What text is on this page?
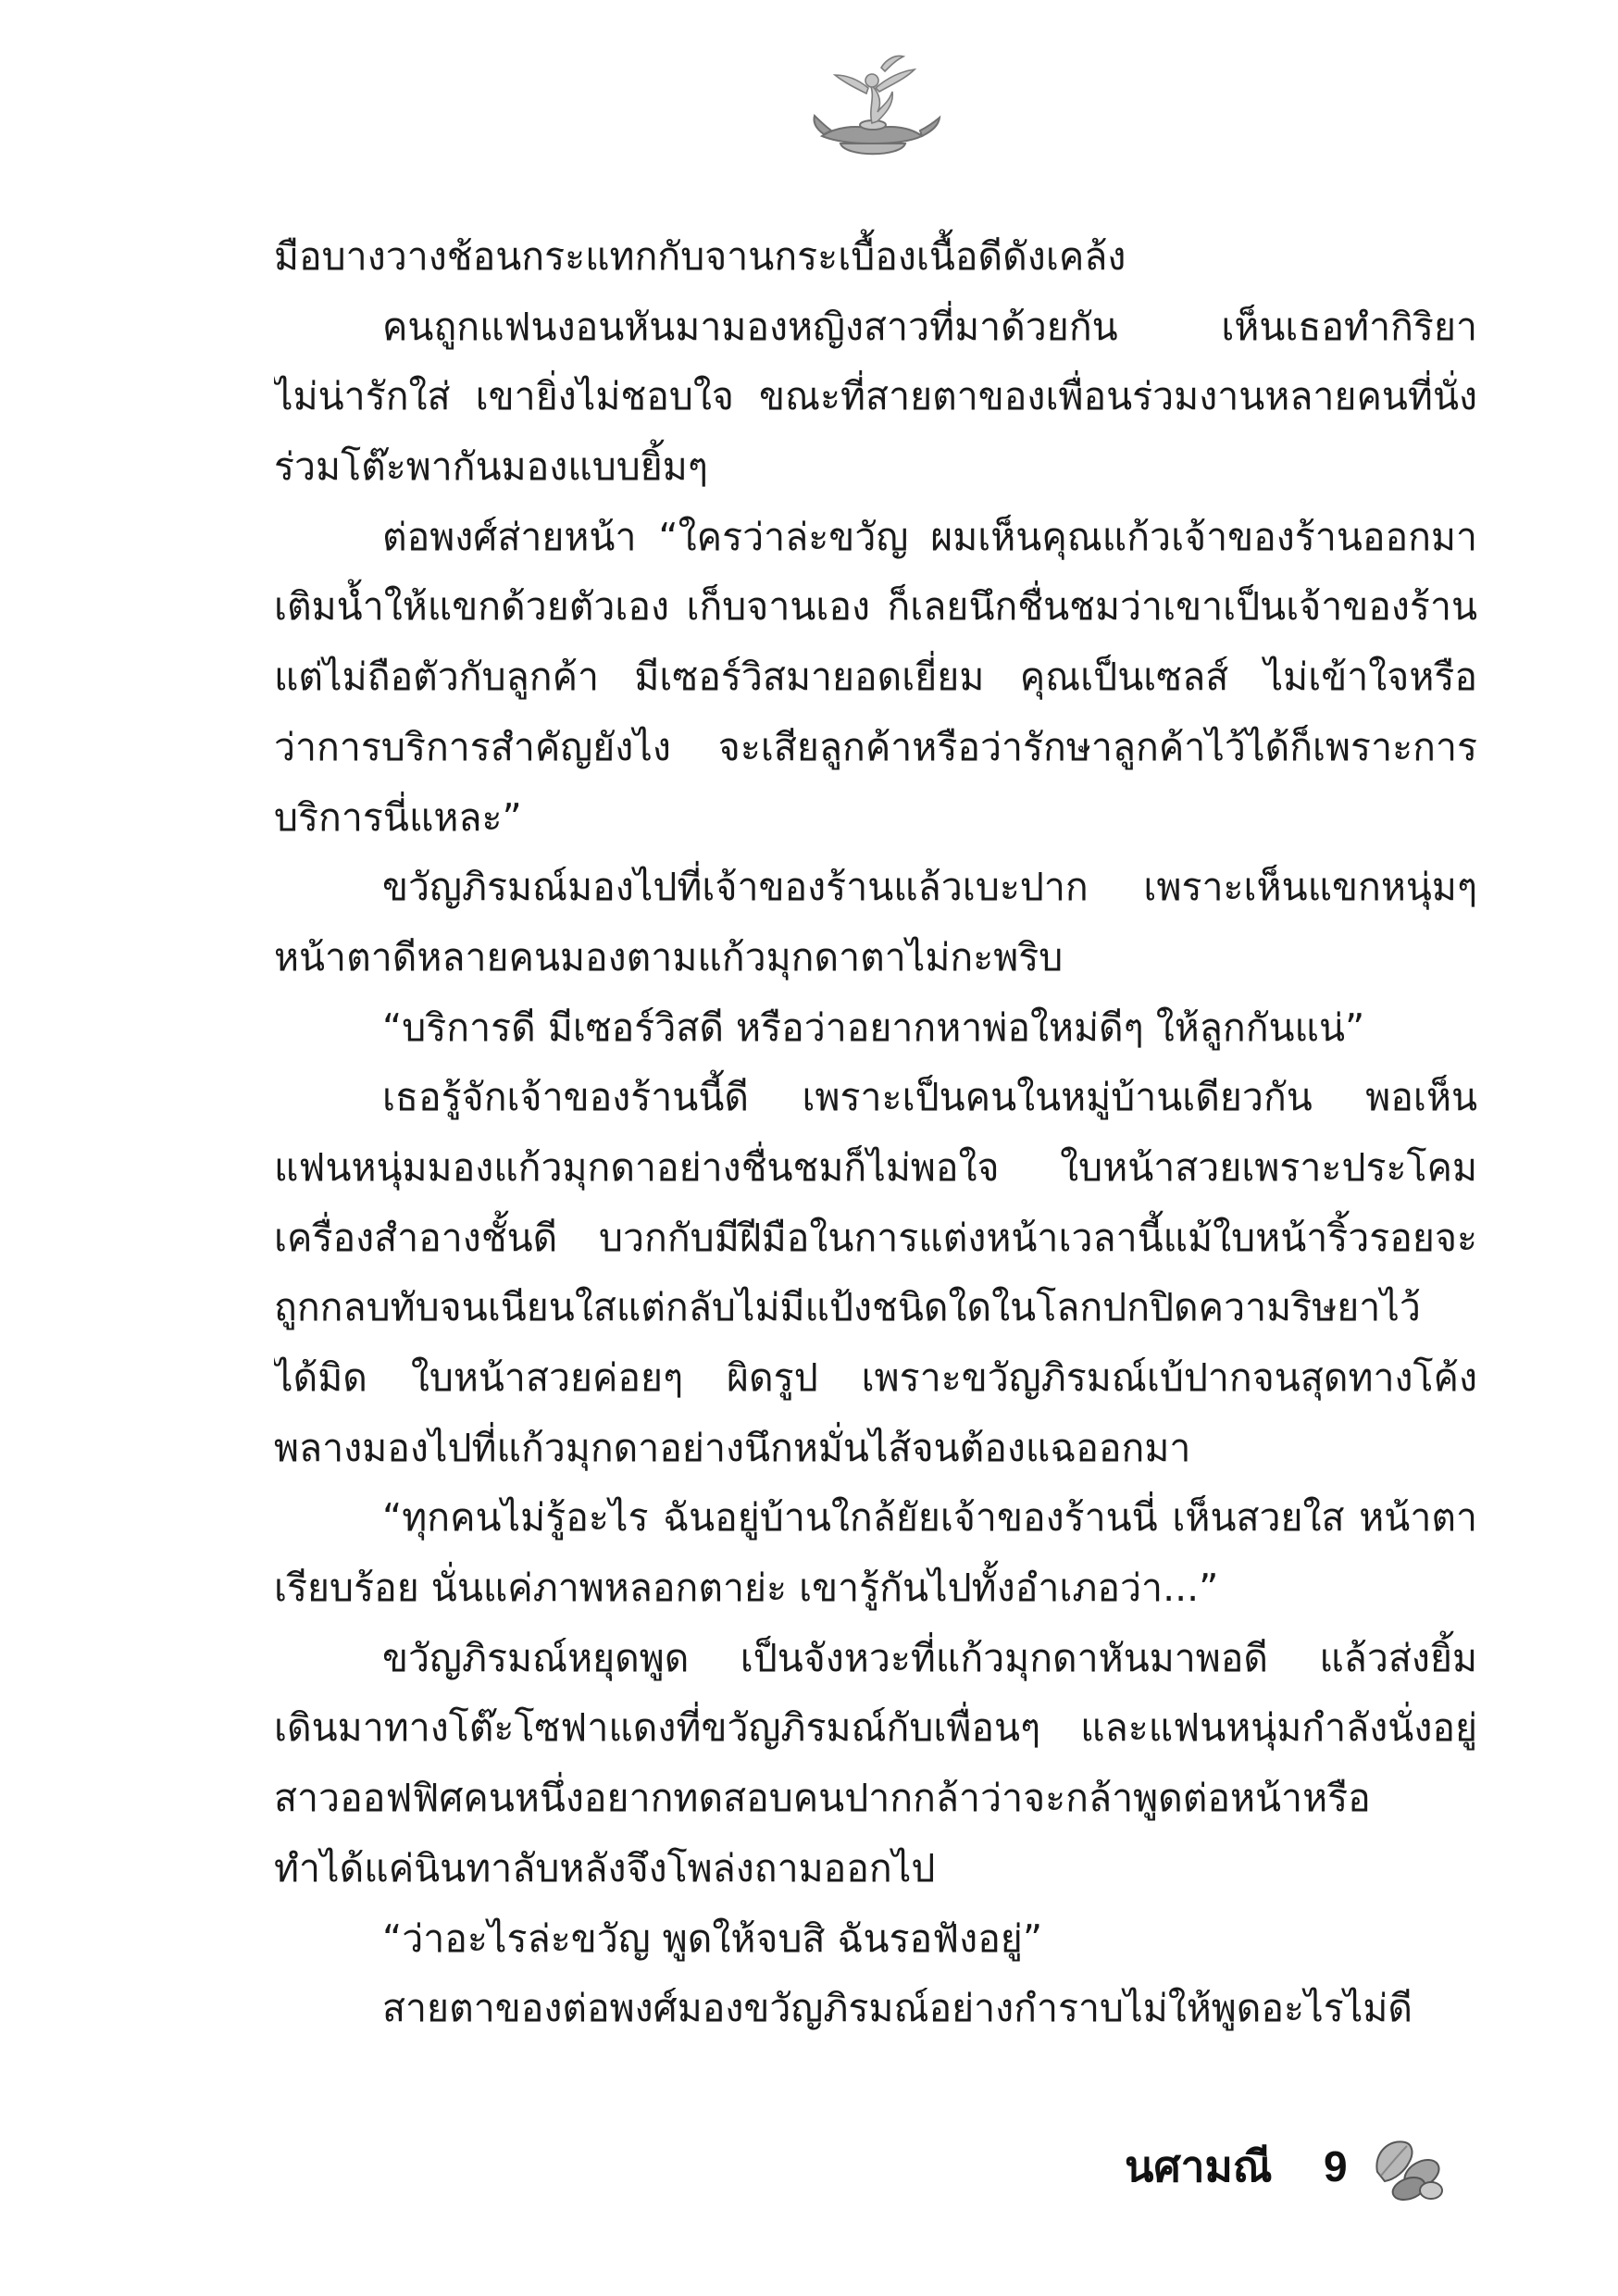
มือบางวางช้อนกระแทกกับจานกระเบื้องเนื้อดีดังเคล้ง
คนถูกแฟนงอนหันมามองหญิงสาวที่มาด้วยกัน เห็นเธอทำกิริยา
ไม่น่ารักใส่ เขายิ่งไม่ชอบใจ ขณะที่สายตาของเพื่อนร่วมงานหลายคนที่นั่ง
ร่วมโต๊ะพากันมองแบบยิ้มๆ
ต่อพงศ์ส่ายหน้า “ใครว่าล่ะขวัญ ผมเห็นคุณแก้วเจ้าของร้านออกมา
เติมน้ำให้แขกด้วยตัวเอง เก็บจานเอง ก็เลยนึกชื่นชมว่าเขาเป็นเจ้าของร้าน
แต่ไม่ถือตัวกับลูกค้า มีเซอร์วิสมายอดเยี่ยม คุณเป็นเซลส์ ไม่เข้าใจหรือ
ว่าการบริการสำคัญยังไง จะเสียลูกค้าหรือว่ารักษาลูกค้าไว้ได้ก็เพราะการ
บริการนี่แหละ”
ขวัญภิรมณ์มองไปที่เจ้าของร้านแล้วเบะปาก เพราะเห็นแขกหนุ่มๆ
หน้าตาดีหลายคนมองตามแก้วมุกดาตาไม่กะพริบ
“บริการดี มีเซอร์วิสดี หรือว่าอยากหาพ่อใหม่ดีๆ ให้ลูกกันแน่”
เธอรู้จักเจ้าของร้านนี้ดี เพราะเป็นคนในหมู่บ้านเดียวกัน พอเห็น
แฟนหนุ่มมองแก้วมุกดาอย่างชื่นชมก็ไม่พอใจ ใบหน้าสวยเพราะประโคม
เครื่องสำอางชั้นดี บวกกับมีฝีมือในการแต่งหน้าเวลานี้แม้ใบหน้าริ้วรอยจะ
ถูกกลบทับจนเนียนใสแต่กลับไม่มีแป้งชนิดใดในโลกปกปิดความริษยาไว้
ได้มิด ใบหน้าสวยค่อยๆ ผิดรูป เพราะขวัญภิรมณ์เบ้ปากจนสุดทางโค้ง
พลางมองไปที่แก้วมุกดาอย่างนึกหมั่นไส้จนต้องแฉออกมา
“ทุกคนไม่รู้อะไร ฉันอยู่บ้านใกล้ยัยเจ้าของร้านนี่ เห็นสวยใส หน้าตา
เรียบร้อย นั่นแค่ภาพหลอกตาย่ะ เขารู้กันไปทั้งอำเภอว่า...”
ขวัญภิรมณ์หยุดพูด เป็นจังหวะที่แก้วมุกดาหันมาพอดี แล้วส่งยิ้ม
เดินมาทางโต๊ะโซฟาแดงที่ขวัญภิรมณ์กับเพื่อนๆ และแฟนหนุ่มกำลังนั่งอยู่
สาวออฟฟิศคนหนึ่งอยากทดสอบคนปากกล้าว่าจะกล้าพูดต่อหน้าหรือ
ทำได้แค่นินทาลับหลังจึงโพล่งถามออกไป
“ว่าอะไรล่ะขวัญ พูดให้จบสิ ฉันรอฟังอยู่”
สายตาของต่อพงศ์มองขวัญภิรมณ์อย่างกำราบไม่ให้พูดอะไรไม่ดี
นศามณี 9
